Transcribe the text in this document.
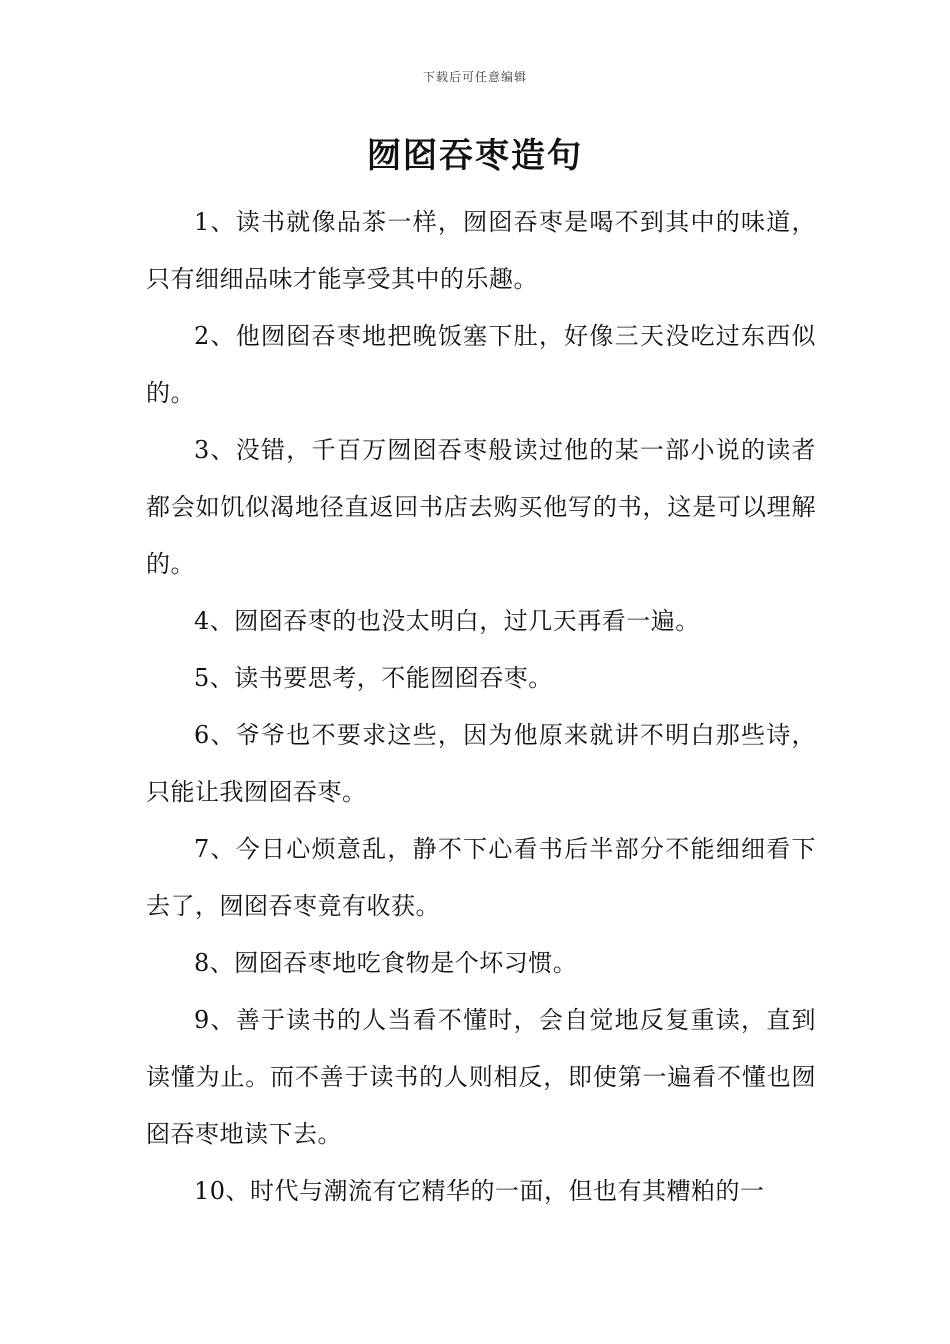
下载后可任意编辑
囫囵吞枣造句

1、读书就像品茶一样，囫囵吞枣是喝不到其中的味道，只有细细品味才能享受其中的乐趣。

2、他囫囵吞枣地把晚饭塞下肚，好像三天没吃过东西似的。

3、没错，千百万囫囵吞枣般读过他的某一部小说的读者都会如饥似渴地径直返回书店去购买他写的书，这是可以理解的。

4、囫囵吞枣的也没太明白，过几天再看一遍。

5、读书要思考，不能囫囵吞枣。

6、爷爷也不要求这些，因为他原来就讲不明白那些诗，只能让我囫囵吞枣。

7、今日心烦意乱，静不下心看书后半部分不能细细看下去了，囫囵吞枣竟有收获。

8、囫囵吞枣地吃食物是个坏习惯。

9、善于读书的人当看不懂时，会自觉地反复重读，直到读懂为止。而不善于读书的人则相反，即使第一遍看不懂也囫囵吞枣地读下去。

10、时代与潮流有它精华的一面，但也有其糟粕的一
